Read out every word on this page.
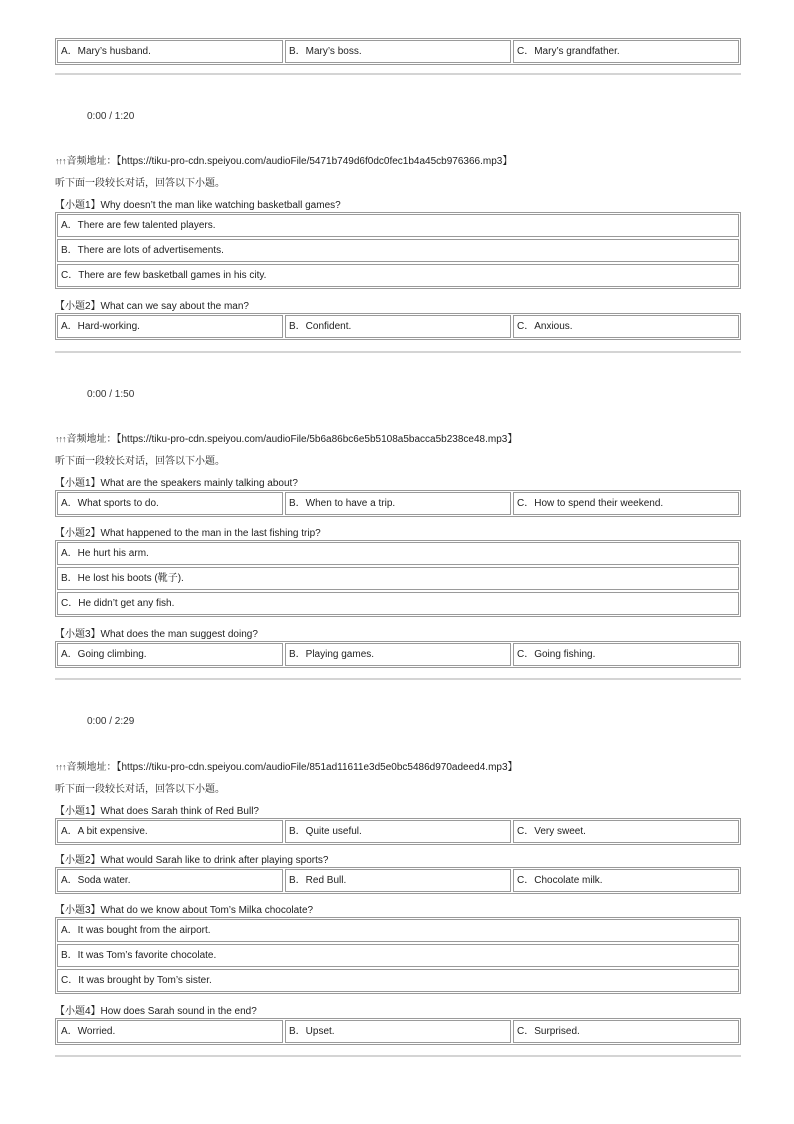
A．Mary’s husband.	B．Mary’s boss.	C．Mary’s grandfather.
0:00 / 1:20
↑↑↑音频地址：【https://tiku-pro-cdn.speiyou.com/audioFile/5471b749d6f0dc0fec1b4a45cb976366.mp3】
听下面一段较长对话，回答以下小题。
【小题1】Why doesn’t the man like watching basketball games?
A．There are few talented players.
B．There are lots of advertisements.
C．There are few basketball games in his city.
【小题2】What can we say about the man?
A．Hard-working.	B．Confident.	C．Anxious.
0:00 / 1:50
↑↑↑音频地址：【https://tiku-pro-cdn.speiyou.com/audioFile/5b6a86bc6e5b5108a5bacca5b238ce48.mp3】
听下面一段较长对话，回答以下小题。
【小题1】What are the speakers mainly talking about?
A．What sports to do.	B．When to have a trip.	C．How to spend their weekend.
【小题2】What happened to the man in the last fishing trip?
A．He hurt his arm.
B．He lost his boots (靴子).
C．He didn’t get any fish.
【小题3】What does the man suggest doing?
A．Going climbing.	B．Playing games.	C．Going fishing.
0:00 / 2:29
↑↑↑音频地址：【https://tiku-pro-cdn.speiyou.com/audioFile/851ad11611e3d5e0bc5486d970adeed4.mp3】
听下面一段较长对话，回答以下小题。
【小题1】What does Sarah think of Red Bull?
A．A bit expensive.	B．Quite useful.	C．Very sweet.
【小题2】What would Sarah like to drink after playing sports?
A．Soda water.	B．Red Bull.	C．Chocolate milk.
【小题3】What do we know about Tom’s Milka chocolate?
A．It was bought from the airport.
B．It was Tom’s favorite chocolate.
C．It was brought by Tom’s sister.
【小题4】How does Sarah sound in the end?
A．Worried.	B．Upset.	C．Surprised.
